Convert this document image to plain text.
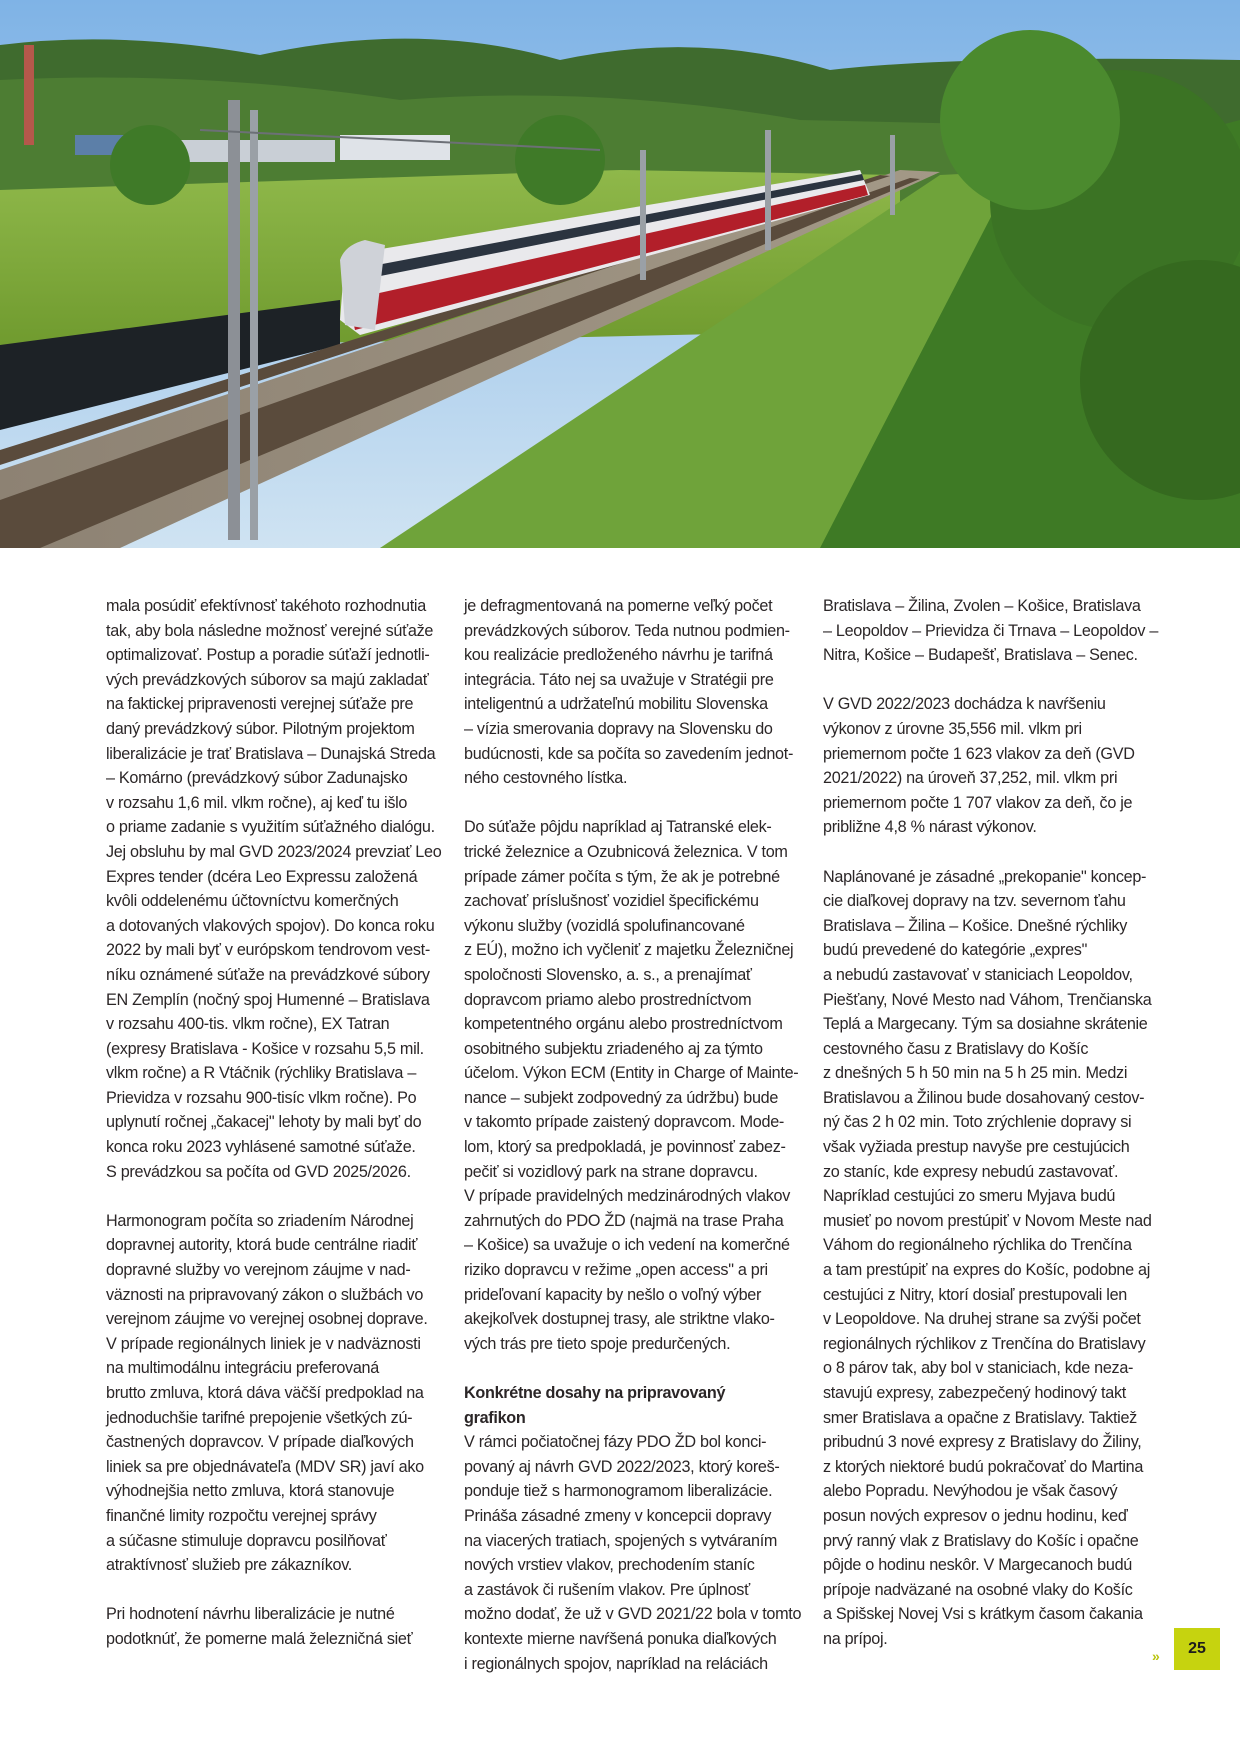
mala posúdiť efektívnosť takéhoto rozhodnutia
tak, aby bola následne možnosť verejné súťaže
optimalizovať. Postup a poradie súťaží jednotli-
vých prevádzkových súborov sa majú zakladať
na faktickej pripravenosti verejnej súťaže pre
daný prevádzkový súbor. Pilotným projektom
liberalizácie je trať Bratislava – Dunajská Streda
– Komárno (prevádzkový súbor Zadunajsko
v rozsahu 1,6 mil. vlkm ročne), aj keď tu išlo
o priame zadanie s využitím súťažného dialógu.
Jej obsluhu by mal GVD 2023/2024 prevziať Leo
Expres tender (dcéra Leo Expressu založená
kvôli oddelenému účtovníctvu komerčných
a dotovaných vlakových spojov). Do konca roku
2022 by mali byť v európskom tendrovom vest-
níku oznámené súťaže na prevádzkové súbory
EN Zemplín (nočný spoj Humenné – Bratislava
v rozsahu 400-tis. vlkm ročne), EX Tatran
(expresy Bratislava - Košice v rozsahu 5,5 mil.
vlkm ročne) a R Vtáčnik (rýchliky Bratislava –
Prievidza v rozsahu 900-tisíc vlkm ročne). Po
uplynutí ročnej „čakacej" lehoty by mali byť do
konca roku 2023 vyhlásené samotné súťaže.
S prevádzkou sa počíta od GVD 2025/2026.

Harmonogram počíta so zriadením Národnej
dopravnej autority, ktorá bude centrálne riadiť
dopravné služby vo verejnom záujme v nad-
väznosti na pripravovaný zákon o službách vo
verejnom záujme vo verejnej osobnej doprave.
V prípade regionálnych liniek je v nadväznosti
na multimodálnu integráciu preferovaná
brutto zmluva, ktorá dáva väčší predpoklad na
jednoduchšie tarifné prepojenie všetkých zú-
častnených dopravcov. V prípade diaľkových
liniek sa pre objednávateľa (MDV SR) javí ako
výhodnejšia netto zmluva, ktorá stanovuje
finančné limity rozpočtu verejnej správy
a súčasne stimuluje dopravcu posilňovať
atraktívnosť služieb pre zákazníkov.

Pri hodnotení návrhu liberalizácie je nutné
podotknúť, že pomerne malá železničná sieť

je defragmentovaná na pomerne veľký počet
prevádzkových súborov. Teda nutnou podmien-
kou realizácie predloženého návrhu je tarifná
integrácia. Táto nej sa uvažuje v Stratégii pre
inteligentnú a udržateľnú mobilitu Slovenska
– vízia smerovania dopravy na Slovensku do
budúcnosti, kde sa počíta so zavedením jednot-
ného cestovného lístka.

Do súťaže pôjdu napríklad aj Tatranské elek-
trické železnice a Ozubnicová železnica. V tom
prípade zámer počíta s tým, že ak je potrebné
zachovať príslušnosť vozidiel špecifickému
výkonu služby (vozidlá spolufinancované
z EÚ), možno ich vyčleniť z majetku Železničnej
spoločnosti Slovensko, a. s., a prenajímať
dopravcom priamo alebo prostredníctvom
kompetentného orgánu alebo prostredníctvom
osobitného subjektu zriadeného aj za týmto
účelom. Výkon ECM (Entity in Charge of Mainte-
nance – subjekt zodpovedný za údržbu) bude
v takomto prípade zaistený dopravcom. Mode-
lom, ktorý sa predpokladá, je povinnosť zabez-
pečiť si vozidlový park na strane dopravcu.
V prípade pravidelných medzinárodných vlakov
zahrnutých do PDO ŽD (najmä na trase Praha
– Košice) sa uvažuje o ich vedení na komerčné
riziko dopravcu v režime „open access" a pri
prideľovaní kapacity by nešlo o voľný výber
akejkoľvek dostupnej trasy, ale striktne vlako-
vých trás pre tieto spoje predurčených.

Konkrétne dosahy na pripravovaný grafikon

V rámci počiatočnej fázy PDO ŽD bol konci-
povaný aj návrh GVD 2022/2023, ktorý koreš-
ponduje tiež s harmonogramom liberalizácie.
Prináša zásadné zmeny v koncepcii dopravy
na viacerých tratiach, spojených s vytváraním
nových vrstiev vlakov, prechodením staníc
a zastávok či rušením vlakov. Pre úplnosť
možno dodať, že už v GVD 2021/22 bola v tomto
kontexte mierne navŕšená ponuka diaľkových
i regionálnych spojov, napríklad na reláciách

Bratislava – Žilina, Zvolen – Košice, Bratislava
– Leopoldov – Prievidza či Trnava – Leopoldov –
Nitra, Košice – Budapešť, Bratislava – Senec.

V GVD 2022/2023 dochádza k navŕšeniu
výkonov z úrovne 35,556 mil. vlkm pri
priemernom počte 1 623 vlakov za deň (GVD
2021/2022) na úroveň 37,252, mil. vlkm pri
priemernom počte 1 707 vlakov za deň, čo je
približne 4,8 % nárast výkonov.

Naplánované je zásadné „prekopanie" koncep-
cie diaľkovej dopravy na tzv. severnom ťahu
Bratislava – Žilina – Košice. Dnešné rýchliky
budú prevedené do kategórie „expres"
a nebudú zastavovať v staniciach Leopoldov,
Piešťany, Nové Mesto nad Váhom, Trenčianska
Teplá a Margecany. Tým sa dosiahne skrátenie
cestovného času z Bratislavy do Košíc
z dnešných 5 h 50 min na 5 h 25 min. Medzi
Bratislavou a Žilinou bude dosahovaný cestov-
ný čas 2 h 02 min. Toto zrýchlenie dopravy si
však vyžiada prestup navyše pre cestujúcich
zo staníc, kde expresy nebudú zastavovať.
Napríklad cestujúci zo smeru Myjava budú
musieť po novom prestúpiť v Novom Meste nad
Váhom do regionálneho rýchlika do Trenčína
a tam prestúpiť na expres do Košíc, podobne aj
cestujúci z Nitry, ktorí dosiaľ prestupovali len
v Leopoldove. Na druhej strane sa zvýši počet
regionálnych rýchlikov z Trenčína do Bratislavy
o 8 párov tak, aby bol v staniciach, kde neza-
stavujú expresy, zabezpečený hodinový takt
smer Bratislava a opačne z Bratislavy. Taktiež
pribudnú 3 nové expresy z Bratislavy do Žiliny,
z ktorých niektoré budú pokračovať do Martina
alebo Popradu. Nevýhodou je však časový
posun nových expresov o jednu hodinu, keď
prvý ranný vlak z Bratislavy do Košíc i opačne
pôjde o hodinu neskôr. V Margecanoch budú
prípoje nadväzané na osobné vlaky do Košíc
a Spišskej Novej Vsi s krátkym časom čakania
na prípoj.

»	25
